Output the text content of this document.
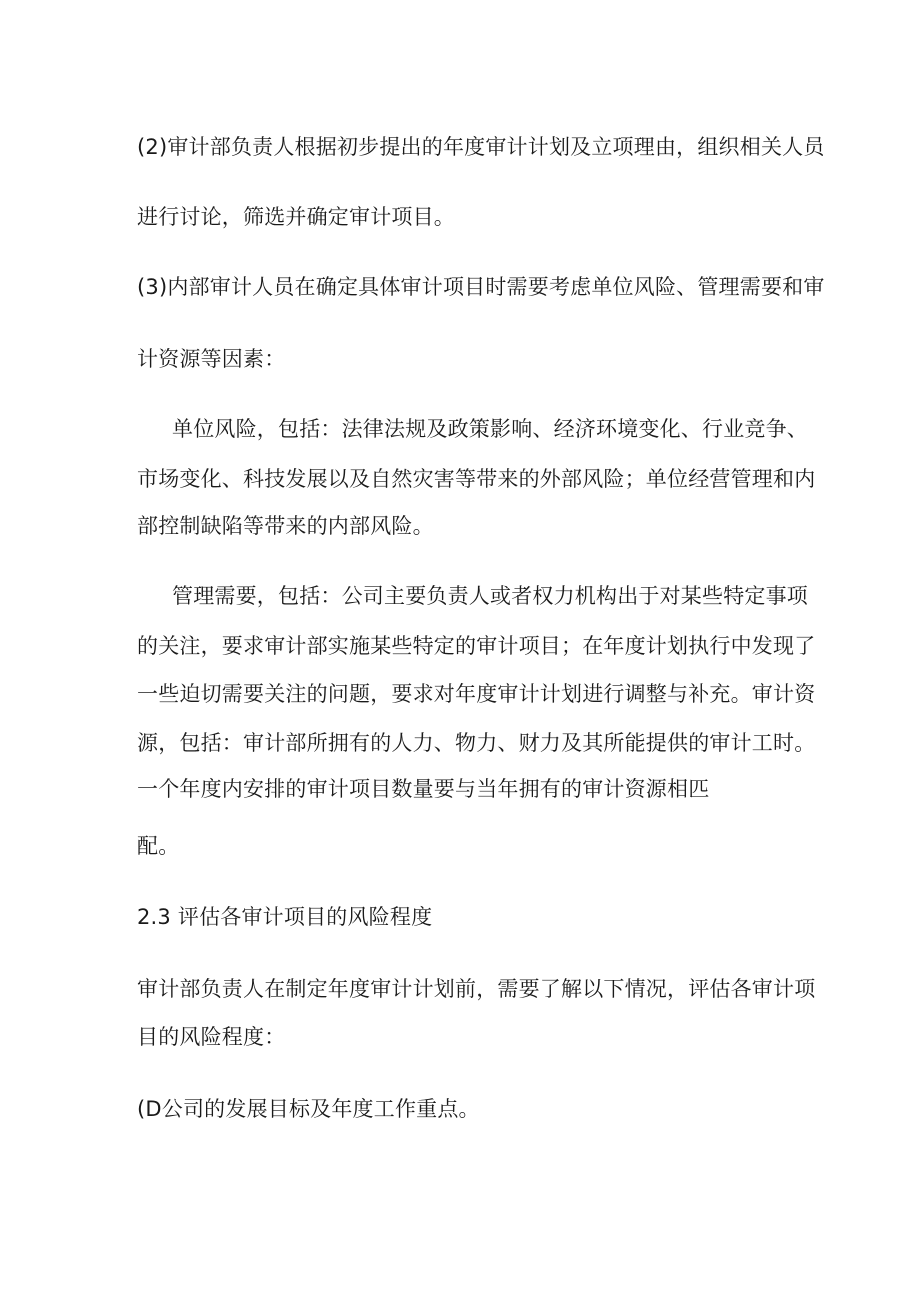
(2)审计部负责人根据初步提出的年度审计计划及立项理由，组织相关人员
进行讨论，筛选并确定审计项目。
(3)内部审计人员在确定具体审计项目时需要考虑单位风险、管理需要和审
计资源等因素：
单位风险，包括：法律法规及政策影响、经济环境变化、行业竞争、
市场变化、科技发展以及自然灾害等带来的外部风险；单位经营管理和内
部控制缺陷等带来的内部风险。
管理需要，包括：公司主要负责人或者权力机构出于对某些特定事项
的关注，要求审计部实施某些特定的审计项目；在年度计划执行中发现了
一些迫切需要关注的问题，要求对年度审计计划进行调整与补充。审计资
源，包括：审计部所拥有的人力、物力、财力及其所能提供的审计工时。
一个年度内安排的审计项目数量要与当年拥有的审计资源相匹
配。
2.3 评估各审计项目的风险程度
审计部负责人在制定年度审计计划前，需要了解以下情况，评估各审计项
目的风险程度：
(D公司的发展目标及年度工作重点。
